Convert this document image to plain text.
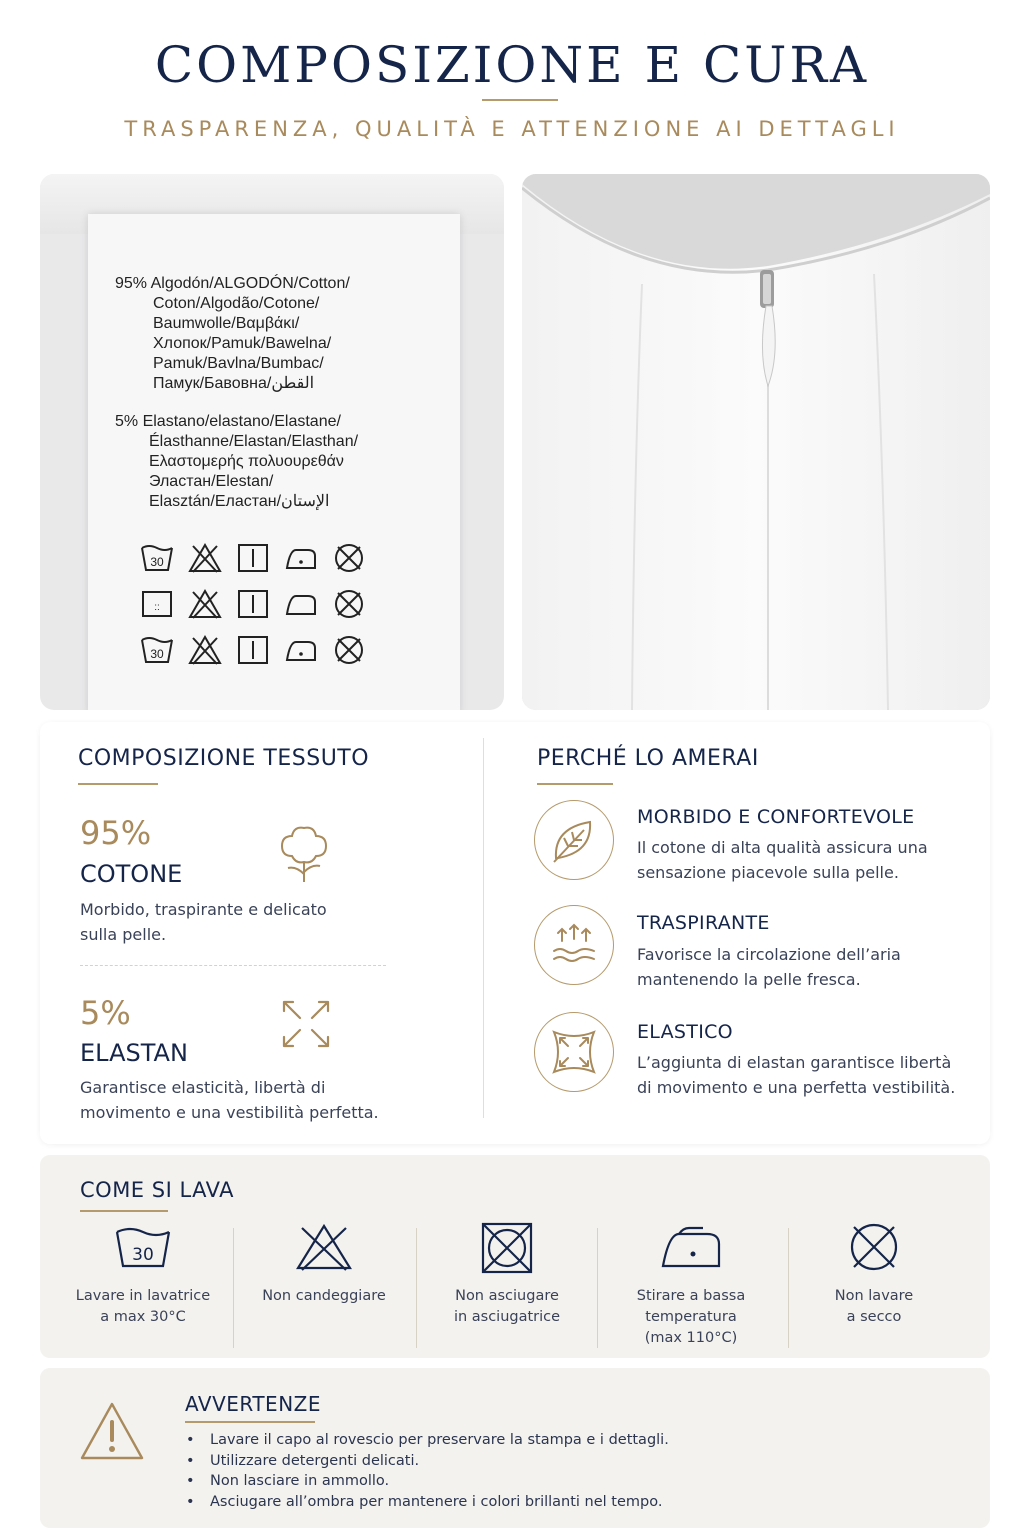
COMPOSIZIONE E CURA
TRASPARENZA, QUALITÀ E ATTENZIONE AI DETTAGLI

95% Algodón/ALGODÓN/Cotton/

Coton/Algodão/Cotone/

Baumwolle/Βαμβάκι/

Хлопок/Pamuk/Bawelna/

Pamuk/Bavlna/Bumbac/

Памук/Бавовна/القطن

5% Elastano/elastano/Elastane/

Élasthanne/Elastan/Elasthan/

Ελαστομερής πολυουρεθάν

Эластан/Elestan/

Elasztán/Еластан/الإستان

30
::
30
COMPOSIZIONE TESSUTO
95%
COTONE
Morbido, traspirante e delicato
sulla pelle.
5%
ELASTAN
Garantisce elasticità, libertà di
movimento e una vestibilità perfetta.
PERCHÉ LO AMERAI
MORBIDO E CONFORTEVOLE
Il cotone di alta qualità assicura una
sensazione piacevole sulla pelle.
TRASPIRANTE
Favorisce la circolazione dell’aria
mantenendo la pelle fresca.
ELASTICO
L’aggiunta di elastan garantisce libertà
di movimento e una perfetta vestibilità.
COME SI LAVA
30
Lavare in lavatrice
a max 30°C
Non candeggiare	Non asciugare
in asciugatrice
Stirare a bassa
temperatura
(max 110°C)
Non lavare
a secco
AVVERTENZE
• Lavare il capo al rovescio per preservare la stampa e i dettagli.
• Utilizzare detergenti delicati.
• Non lasciare in ammollo.
• Asciugare all’ombra per mantenere i colori brillanti nel tempo.
